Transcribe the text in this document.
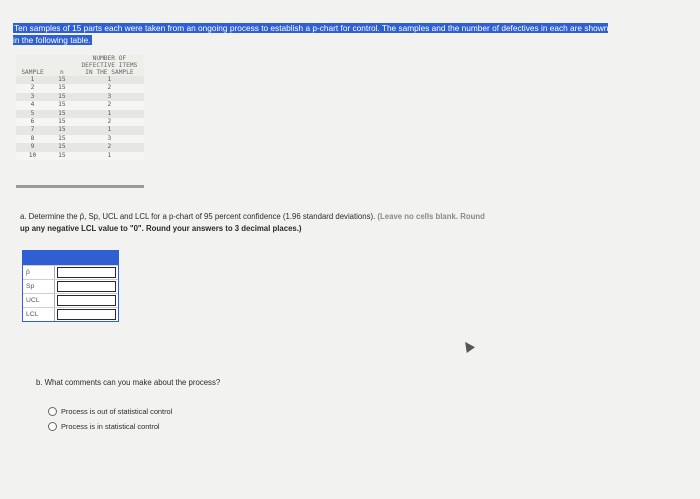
Ten samples of 15 parts each were taken from an ongoing process to establish a p-chart for control. The samples and the number of defectives in each are shown in the following table.
SAMPLE	n	NUMBER OF DEFECTIVE ITEMS IN THE SAMPLE
1	15	1
2	15	2
3	15	3
4	15	2
5	15	1
6	15	2
7	15	1
8	15	3
9	15	2
10	15	1
a. Determine the p̄, Sp, UCL and LCL for a p-chart of 95 percent confidence (1.96 standard deviations). (Leave no cells blank. Round
up any negative LCL value to "0". Round your answers to 3 decimal places.)
p̄
Sp
UCL
LCL
b. What comments can you make about the process?
Process is out of statistical control
Process is in statistical control
